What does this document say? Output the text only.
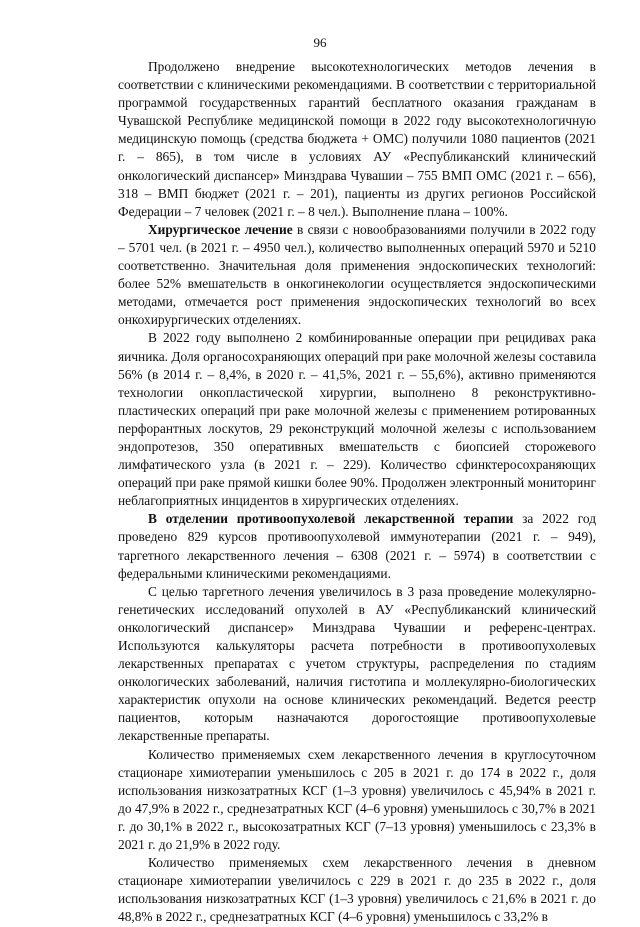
96

Продолжено внедрение высокотехнологических методов лечения в соответствии с клиническими рекомендациями. В соответствии с территориальной программой государственных гарантий бесплатного оказания гражданам в Чувашской Республике медицинской помощи в 2022 году высокотехнологичную медицинскую помощь (средства бюджета + ОМС) получили 1080 пациентов (2021 г. – 865), в том числе в условиях АУ «Республиканский клинический онкологический диспансер» Минздрава Чувашии – 755 ВМП ОМС (2021 г. – 656), 318 – ВМП бюджет (2021 г. – 201), пациенты из других регионов Российской Федерации – 7 человек (2021 г. – 8 чел.). Выполнение плана – 100%.

Хирургическое лечение в связи с новообразованиями получили в 2022 году – 5701 чел. (в 2021 г. – 4950 чел.), количество выполненных операций 5970 и 5210 соответственно. Значительная доля применения эндоскопических технологий: более 52% вмешательств в онкогинекологии осуществляется эндоскопическими методами, отмечается рост применения эндоскопических технологий во всех онкохирургических отделениях.

В 2022 году выполнено 2 комбинированные операции при рецидивах рака яичника. Доля органосохраняющих операций при раке молочной железы составила 56% (в 2014 г. – 8,4%, в 2020 г. – 41,5%, 2021 г. – 55,6%), активно применяются технологии онкопластической хирургии, выполнено 8 реконструктивно-пластических операций при раке молочной железы с применением ротированных перфорантных лоскутов, 29 реконструкций молочной железы с использованием эндопротезов, 350 оперативных вмешательств с биопсией сторожевого лимфатического узла (в 2021 г. – 229). Количество сфинктеросохраняющих операций при раке прямой кишки более 90%. Продолжен электронный мониторинг неблагоприятных инцидентов в хирургических отделениях.

В отделении противоопухолевой лекарственной терапии за 2022 год проведено 829 курсов противоопухолевой иммунотерапии (2021 г. – 949), таргетного лекарственного лечения – 6308 (2021 г. – 5974) в соответствии с федеральными клиническими рекомендациями.

С целью таргетного лечения увеличилось в 3 раза проведение молекулярно-генетических исследований опухолей в АУ «Республиканский клинический онкологический диспансер» Минздрава Чувашии и референс-центрах. Используются калькуляторы расчета потребности в противоопухолевых лекарственных препаратах с учетом структуры, распределения по стадиям онкологических заболеваний, наличия гистотипа и моллекулярно-биологических характеристик опухоли на основе клинических рекомендаций. Ведется реестр пациентов, которым назначаются дорогостоящие противоопухолевые лекарственные препараты.

Количество применяемых схем лекарственного лечения в круглосуточном стационаре химиотерапии уменьшилось с 205 в 2021 г. до 174 в 2022 г., доля использования низкозатратных КСГ (1–3 уровня) увеличилось с 45,94% в 2021 г. до 47,9% в 2022 г., среднезатратных КСГ (4–6 уровня) уменьшилось с 30,7% в 2021 г. до 30,1% в 2022 г., высокозатратных КСГ (7–13 уровня) уменьшилось с 23,3% в 2021 г. до 21,9% в 2022 году.

Количество применяемых схем лекарственного лечения в дневном стационаре химиотерапии увеличилось с 229 в 2021 г. до 235 в 2022 г., доля использования низкозатратных КСГ (1–3 уровня) увеличилось с 21,6% в 2021 г. до 48,8% в 2022 г., среднезатратных КСГ (4–6 уровня) уменьшилось с 33,2% в
